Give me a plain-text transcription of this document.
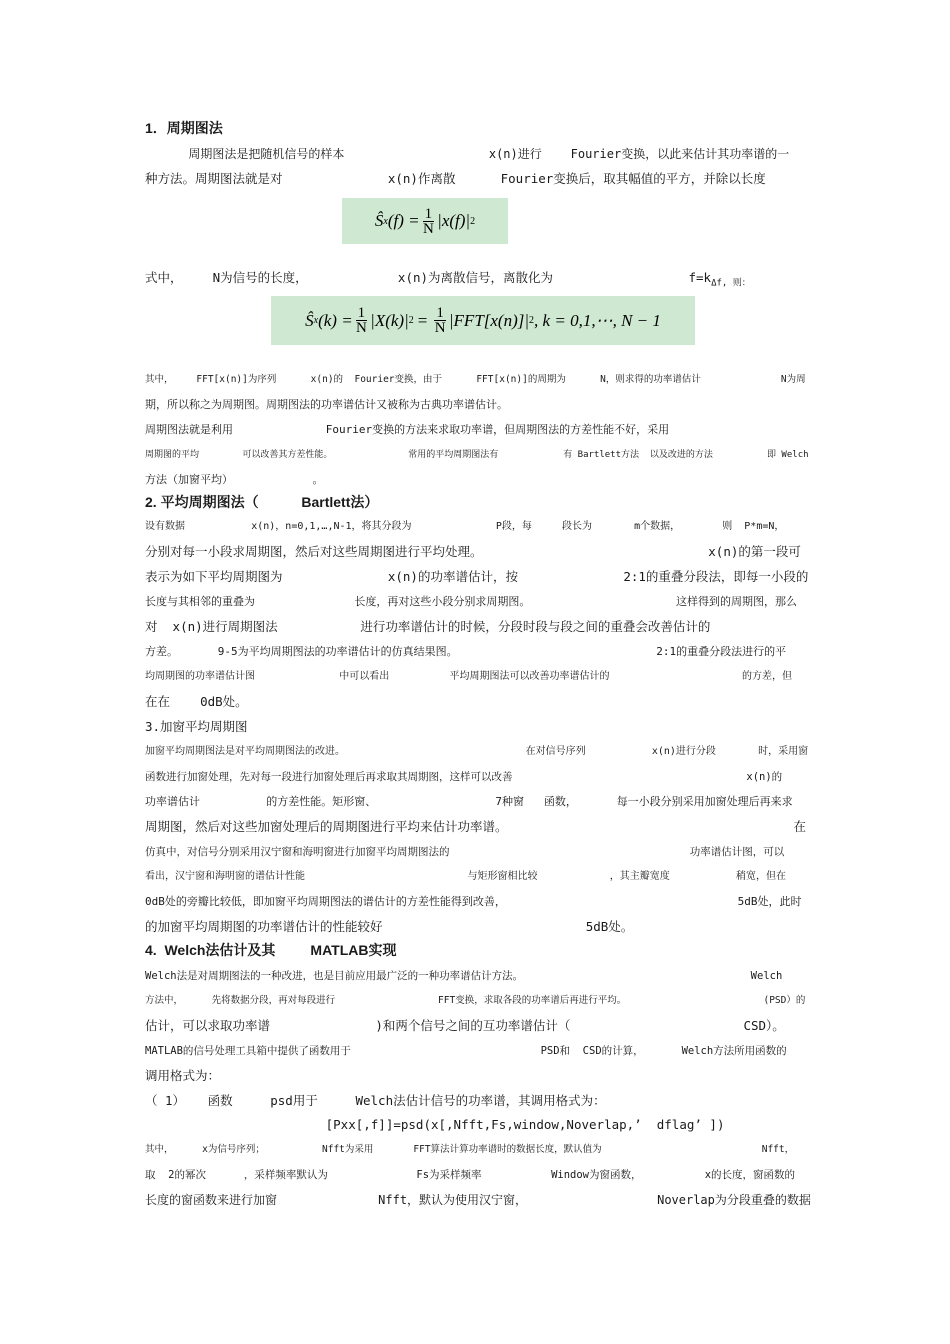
1．周期图法
周期图法是把随机信号的样本                    x(n)进行    Fourier变换，以此来估计其功率谱的一
种方法。周期图法就是对              x(n)作离散      Fourier变换后，取其幅值的平方，并除以长度
Ŝ x $(f) = \frac{1}{N} |x(f)|$ 2
式中，    N为信号的长度，            x(n)为离散信号，离散化为                  $f=k_{\Delta f, 则:}$
Ŝ x $(k) = \frac{1}{N} |X(k)|$ $2 = \frac{1}{N} |FFT[x(n)]|$ 2 , k = 0,1,⋯, N − 1
其中，    FFT[x(n)]为序列      x(n)的  Fourier变换，由于      FFT[x(n)]的周期为      N，则求得的功率谱估计              N为周
期，所以称之为周期图。周期图法的功率谱估计又被称为古典功率谱估计。
周期图法就是利用              Fourier变换的方法来求取功率谱，但周期图法的方差性能不好，采用
周期图的平均        可以改善其方差性能。              常用的平均周期图法有            有 Bartlett方法  以及改进的方法          即 Welch
方法（加窗平均）            。
2. 平均周期图法（           Bartlett法）
设有数据           x(n)，n=0,1,…,N-1，将其分段为              P段，每     段长为       m个数据，       则  P*m=N，
分别对每一小段求周期图，然后对这些周期图进行平均处理。                              x(n)的第一段可
表示为如下平均周期图为              x(n)的功率谱估计，按              2:1的重叠分段法，即每一小段的
长度与其相邻的重叠为               长度，再对这些小段分别求周期图。                      这样得到的周期图，那么
对  x(n)进行周期图法           进行功率谱估计的时候，分段时段与段之间的重叠会改善估计的
方差。      9-5为平均周期图法的功率谱估计的仿真结果图。                              2:1的重叠分段法进行的平
均周期图的功率谱估计图              中可以看出          平均周期图法可以改善功率谱估计的                      的方差，但
在在    0dB处。
3.加窗平均周期图
加窗平均周期图法是对平均周期图法的改进。                              在对信号序列           x(n)进行分段       时，采用窗
函数进行加窗处理，先对每一段进行加窗处理后再求取其周期图，这样可以改善                                     x(n)的
功率谱估计          的方差性能。矩形窗、                  7种窗   函数，      每一小段分别采用加窗处理后再来求
周期图，然后对这些加窗处理后的周期图进行平均来估计功率谱。                                      在
仿真中，对信号分别采用汉宁窗和海明窗进行加窗平均周期图法的                                      功率谱估计图，可以
看出，汉宁窗和海明窗的谱估计性能                           与矩形窗相比较            ，其主瓣宽度           稍宽，但在
0dB处的旁瓣比较低，即加窗平均周期图法的谱估计的方差性能得到改善，                                   5dB处，此时
的加窗平均周期图的功率谱估计的性能较好                           5dB处。
4.  Welch法估计及其         MATLAB实现
Welch法是对周期图法的一种改进，也是目前应用最广泛的一种功率谱估计方法。                                    Welch
方法中，     先将数据分段，再对每段进行                  FFT变换，求取各段的功率谱后再进行平均。                        (PSD）的
估计，可以求取功率谱              )和两个信号之间的互功率谱估计（                       CSD）。
MATLAB的信号处理工具箱中提供了函数用于                              PSD和  CSD的计算，      Welch方法所用函数的
调用格式为：
（ 1）   函数     psd用于     Welch法估计信号的功率谱，其调用格式为：
[Pxx[,f]]=psd(x[,Nfft,Fs,window,Noverlap,’  dflag’ ])
其中，     x为信号序列；          Nfft为采用       FFT算法计算功率谱时的数据长度，默认值为                            Nfft，
取  2的幂次      ，采样频率默认为              Fs为采样频率           Window为窗函数，          x的长度，窗函数的
长度的窗函数来进行加窗              Nfft，默认为使用汉宁窗，                  Noverlap为分段重叠的数据
